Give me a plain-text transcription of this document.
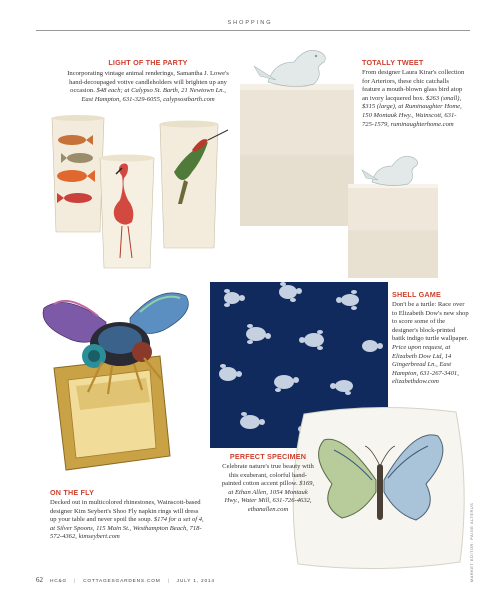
SHOPPING
LIGHT OF THE PARTY
Incorporating vintage animal renderings, Samantha J. Lowe's hand-decoupaged votive candleholders will brighten up any occasion. $48 each; at Calypso St. Barth, 21 Newtown Ln., East Hampton, 631-329-6055, calypsostbarth.com
TOTALLY TWEET
From designer Laura Kirar's collection for Arteriors, these chic catchalls feature a mouth-blown glass bird atop an ivory lacquered box. $263 (small), $315 (large), at Ruminaughter Home, 150 Montauk Hwy., Wainscott, 631-725-1579, ruminaughterhome.com
SHELL GAME
Don't be a turtle: Race over to Elizabeth Dow's new shop to score some of the designer's block-printed batik indigo turtle wallpaper. Price upon request, at Elizabeth Dow Ltd, 14 Gingerbread Ln., East Hampton, 631-267-3401, elizabethdow.com
PERFECT SPECIMEN
Celebrate nature's true beauty with this exuberant, colorful hand-painted cotton accent pillow. $169, at Ethan Allen, 1054 Montauk Hwy., Water Mill, 631-726-4632, ethanallen.com
ON THE FLY
Decked out in multicolored rhinestones, Wainscott-based designer Kim Seybert's Shoo Fly napkin rings will dress up your table and never spoil the soup. $174 for a set of 4, at Silver Spoons, 115 Main St., Westhampton Beach, 718-572-4362, kimseybert.com	MARKET EDITOR: PAIGE ALTERUS
62 HC&G | COTTAGESGARDENS.COM | JULY 1, 2014
